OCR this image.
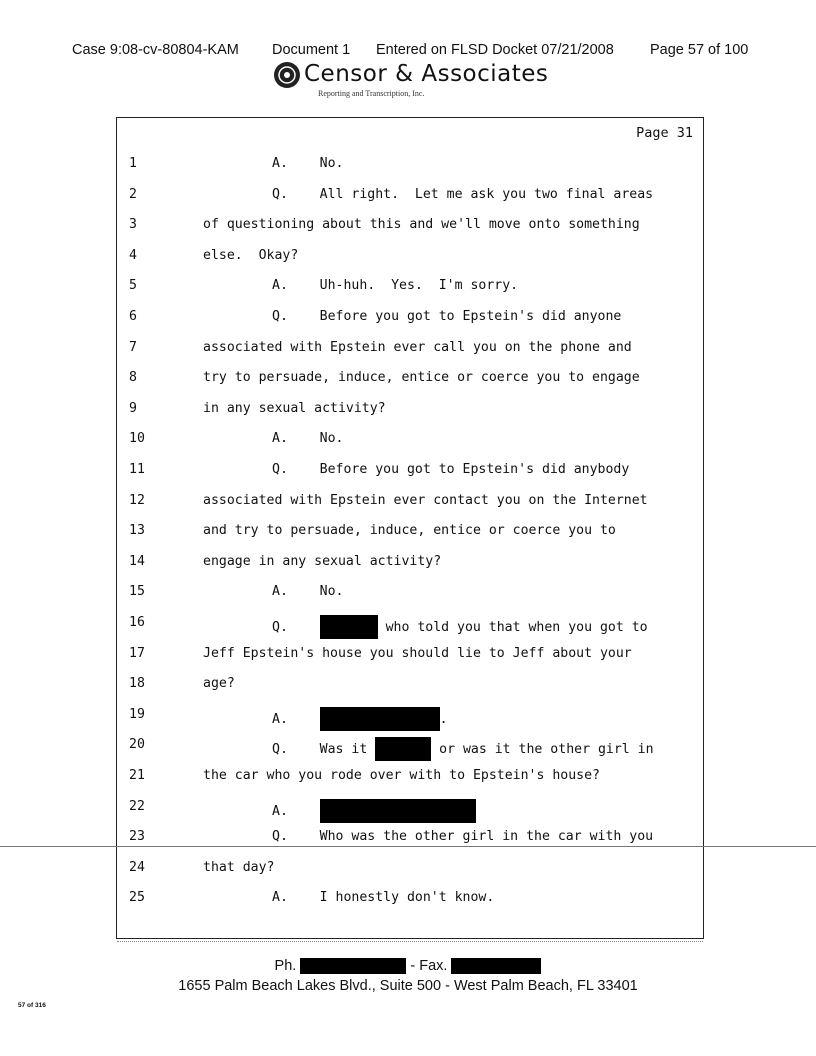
Case 9:08-cv-80804-KAM Document 1 Entered on FLSD Docket 07/21/2008 Page 57 of 100
Censor & Associates
Reporting and Transcription, Inc.
Page 31
1	A.    No.
2	Q.    All right.  Let me ask you two final areas
3	of questioning about this and we'll move onto something
4	else.  Okay?
5	A.    Uh-huh.  Yes.  I'm sorry.
6	Q.    Before you got to Epstein's did anyone
7	associated with Epstein ever call you on the phone and
8	try to persuade, induce, entice or coerce you to engage
9	in any sexual activity?
10	A.    No.
11	Q.    Before you got to Epstein's did anybody
12	associated with Epstein ever contact you on the Internet
13	and try to persuade, induce, entice or coerce you to
14	engage in any sexual activity?
15	A.    No.
16	Q.	who told you that when you got to
17	Jeff Epstein's house you should lie to Jeff about your
18	age?
19	A.	.
20	Q.    Was it	or was it the other girl in
21	the car who you rode over with to Epstein's house?
22	A.
23	Q.    Who was the other girl in the car with you
24	that day?
25	A.    I honestly don't know.
Ph.	- Fax.
1655 Palm Beach Lakes Blvd., Suite 500 - West Palm Beach, FL 33401
57 of 316
